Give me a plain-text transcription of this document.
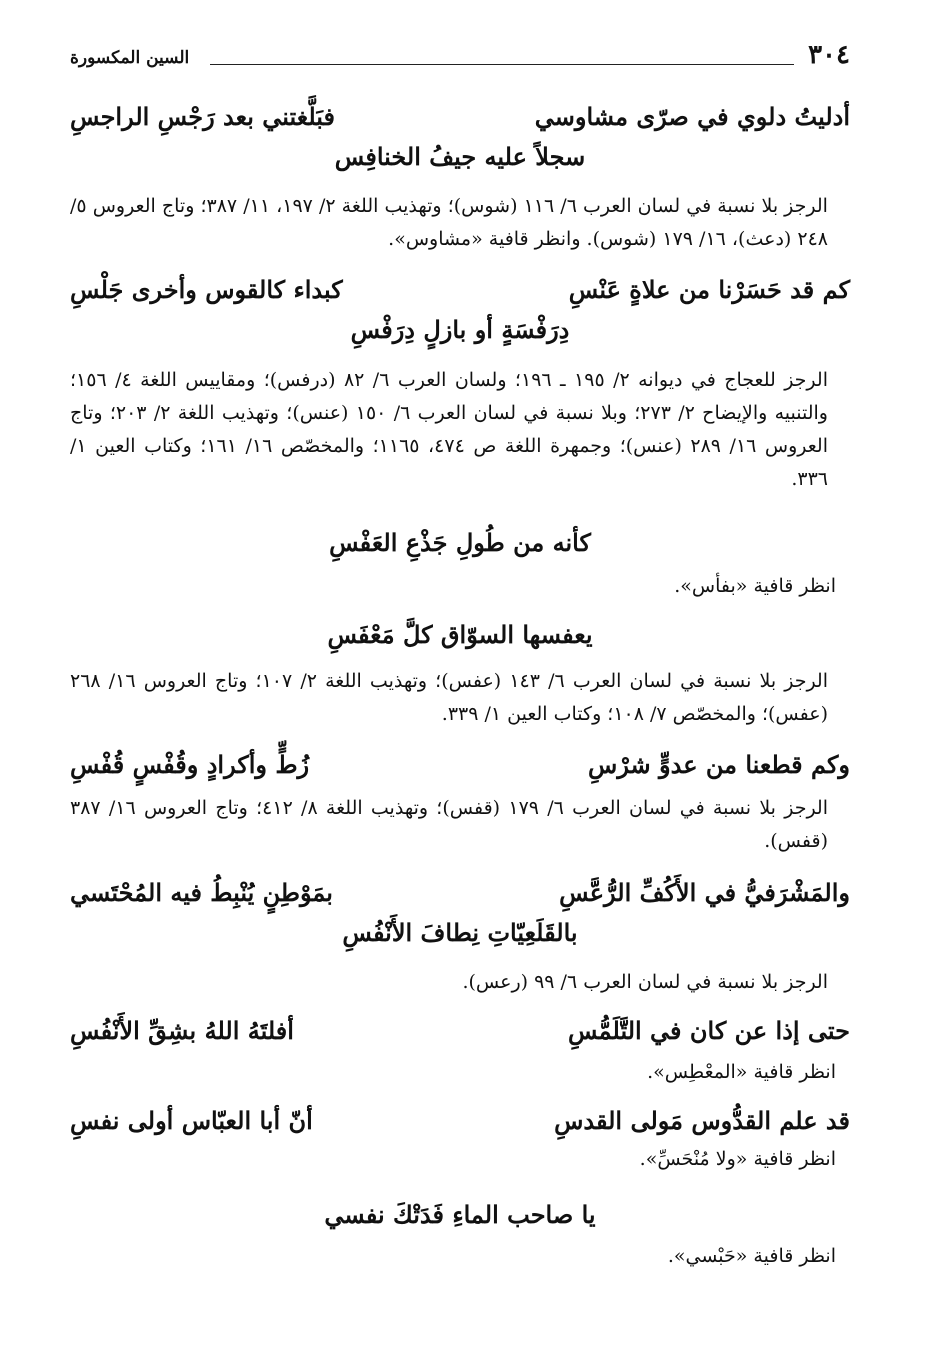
٣٠٤
السين المكسورة
أدليتُ دلوي في صرّى مشاوسي
فبَلَّغتني بعد رَجْسِ الراجسِ
سجلاً عليه جيفُ الخنافِس

الرجز بلا نسبة في لسان العرب ٦/ ١١٦ (شوس)؛ وتهذيب اللغة ٢/ ١٩٧، ١١/ ٣٨٧؛ وتاج العروس ٥/ ٢٤٨ (دعث)، ١٦/ ١٧٩ (شوس). وانظر قافية «مشاوس».

كم قد حَسَرْنا من علاةٍ عَنْسِ
كبداء كالقوس وأخرى جَلْسِ
دِرَفْسَةٍ أو بازلٍ دِرَفْسِ

الرجز للعجاج في ديوانه ٢/ ١٩٥ ـ ١٩٦؛ ولسان العرب ٦/ ٨٢ (درفس)؛ ومقاييس اللغة ٤/ ١٥٦؛ والتنبيه والإيضاح ٢/ ٢٧٣؛ وبلا نسبة في لسان العرب ٦/ ١٥٠ (عنس)؛ وتهذيب اللغة ٢/ ٢٠٣؛ وتاج العروس ١٦/ ٢٨٩ (عنس)؛ وجمهرة اللغة ص ٤٧٤، ١١٦٥؛ والمخصّص ١٦/ ١٦١؛ وكتاب العين ١/ ٣٣٦.

كأنه من طُولِ جَذْعِ العَفْسِ
انظر قافية «بفأس».
يعفسها السوّاق كلَّ مَعْفَسِ

الرجز بلا نسبة في لسان العرب ٦/ ١٤٣ (عفس)؛ وتهذيب اللغة ٢/ ١٠٧؛ وتاج العروس ١٦/ ٢٦٨ (عفس)؛ والمخصّص ٧/ ١٠٨؛ وكتاب العين ١/ ٣٣٩.

وكم قطعنا من عدوٍّ شرْسِ
زُطٍّ وأكرادٍ وقُفْسٍ قُفْسِ

الرجز بلا نسبة في لسان العرب ٦/ ١٧٩ (قفس)؛ وتهذيب اللغة ٨/ ٤١٢؛ وتاج العروس ١٦/ ٣٨٧ (قفس).

والمَشْرَفيُّ في الأَكُفِّ الرُّعَّسِ
بمَوْطِنٍ يُنْبِطُ فيه المُحْتَسي
بالقَلَعِيّاتِ نِطافَ الأَنْفُسِ

الرجز بلا نسبة في لسان العرب ٦/ ٩٩ (رعس).

حتى إذا عن كان في التَّلَمُّسِ
أفلتَهُ اللهُ بشِقِّ الأَنْفُسِ
انظر قافية «المعْطِس».
قد علم القدُّوس مَولى القدسِ
أنّ أبا العبّاس أولى نفسِ
انظر قافية «ولا مُنْحَسِّ».
يا صاحب الماءِ فَدَتْكَ نفسي
انظر قافية «حَبْسي».
